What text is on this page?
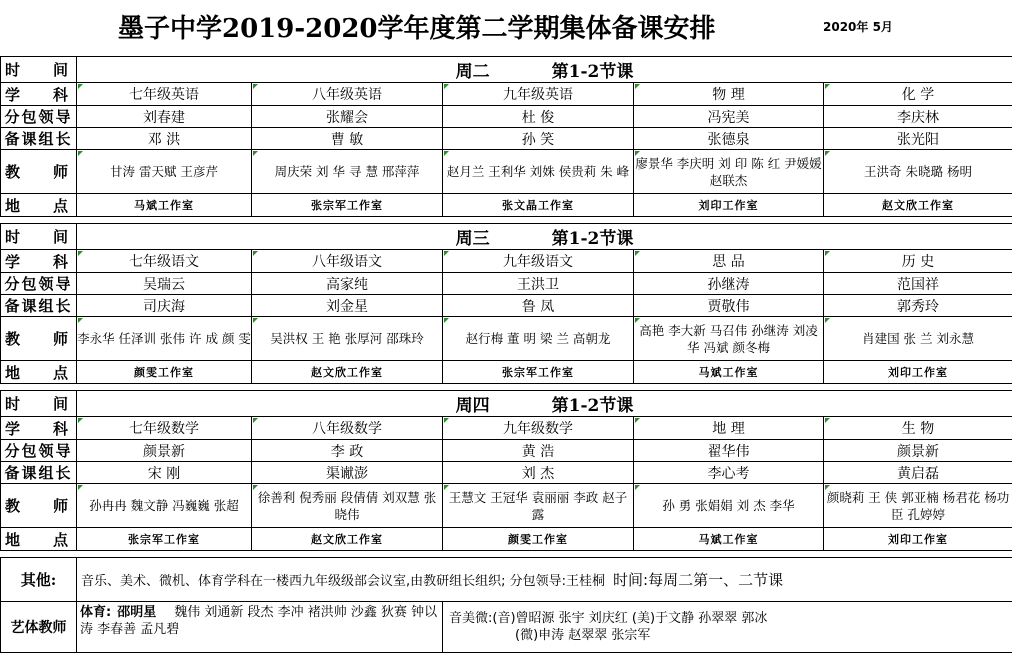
墨子中学2019-2020学年度第二学期集体备课安排	2020年 5月
时 间	周二 第1-2节课				

学 科	七年级英语	八年级英语	九年级英语	物 理	化 学
分包领导	刘春建	张耀会	杜 俊	冯宪美	李庆林
备课组长	邓 洪	曹 敏	孙 笑	张德泉	张光阳

教 师	甘涛 雷天赋 王彦芹	周庆荣 刘 华 寻 慧 邢萍萍	赵月兰 王利华 刘姝 侯贵莉 朱 峰	廖景华 李庆明 刘 印 陈 红 尹媛媛 赵联杰	王洪奇 朱晓璐 杨明

地 点	马斌工作室	张宗军工作室	张文晶工作室	刘印工作室	赵文欣工作室

时 间	周三 第1-2节课				

学 科	七年级语文	八年级语文	九年级语文	思 品	历 史
分包领导	吴瑞云	高家纯	王洪卫	孙继涛	范国祥
备课组长	司庆海	刘金星	鲁 凤	贾敬伟	郭秀玲

教 师	李永华 任泽训 张伟 许 成 颜 雯	吴洪权 王 艳 张厚河 邵珠玲	赵行梅 董 明 梁 兰 高朝龙	高艳 李大新 马召伟 孙继涛 刘凌华 冯斌 颜冬梅	肖建国 张 兰 刘永慧

地 点	颜雯工作室	赵文欣工作室	张宗军工作室	马斌工作室	刘印工作室

时 间	周四 第1-2节课				

学 科	七年级数学	八年级数学	九年级数学	地 理	生 物
分包领导	颜景新	李 政	黄 浩	翟华伟	颜景新
备课组长	宋 刚	渠谳澎	刘 杰	李心考	黄启磊

教 师	孙冉冉 魏文静 冯巍巍 张超	徐善利 倪秀丽 段倩倩 刘双慧 张晓伟	王慧文 王冠华 袁丽丽 李政 赵子露	孙 勇 张娟娟 刘 杰 李华	颜晓莉 王 侠 郭亚楠 杨君花 杨功臣 孔婷婷

地 点	张宗军工作室	赵文欣工作室	颜雯工作室	马斌工作室	刘印工作室

其他:	音乐、美术、微机、体育学科在一楼西九年级级部会议室,由教研组长组织; 分包领导:王桂桐 时间:每周二第一、二节课				
艺体教师	体育: 邵明星 魏伟 刘通新 段杰 李冲 褚洪帅 沙鑫 狄赛 钟以涛 李春善 孟凡碧		音美微:(音)曾昭源 张宇 刘庆红 (美)于文静 孙翠翠 郭冰
(微)申涛 赵翠翠 张宗军		
